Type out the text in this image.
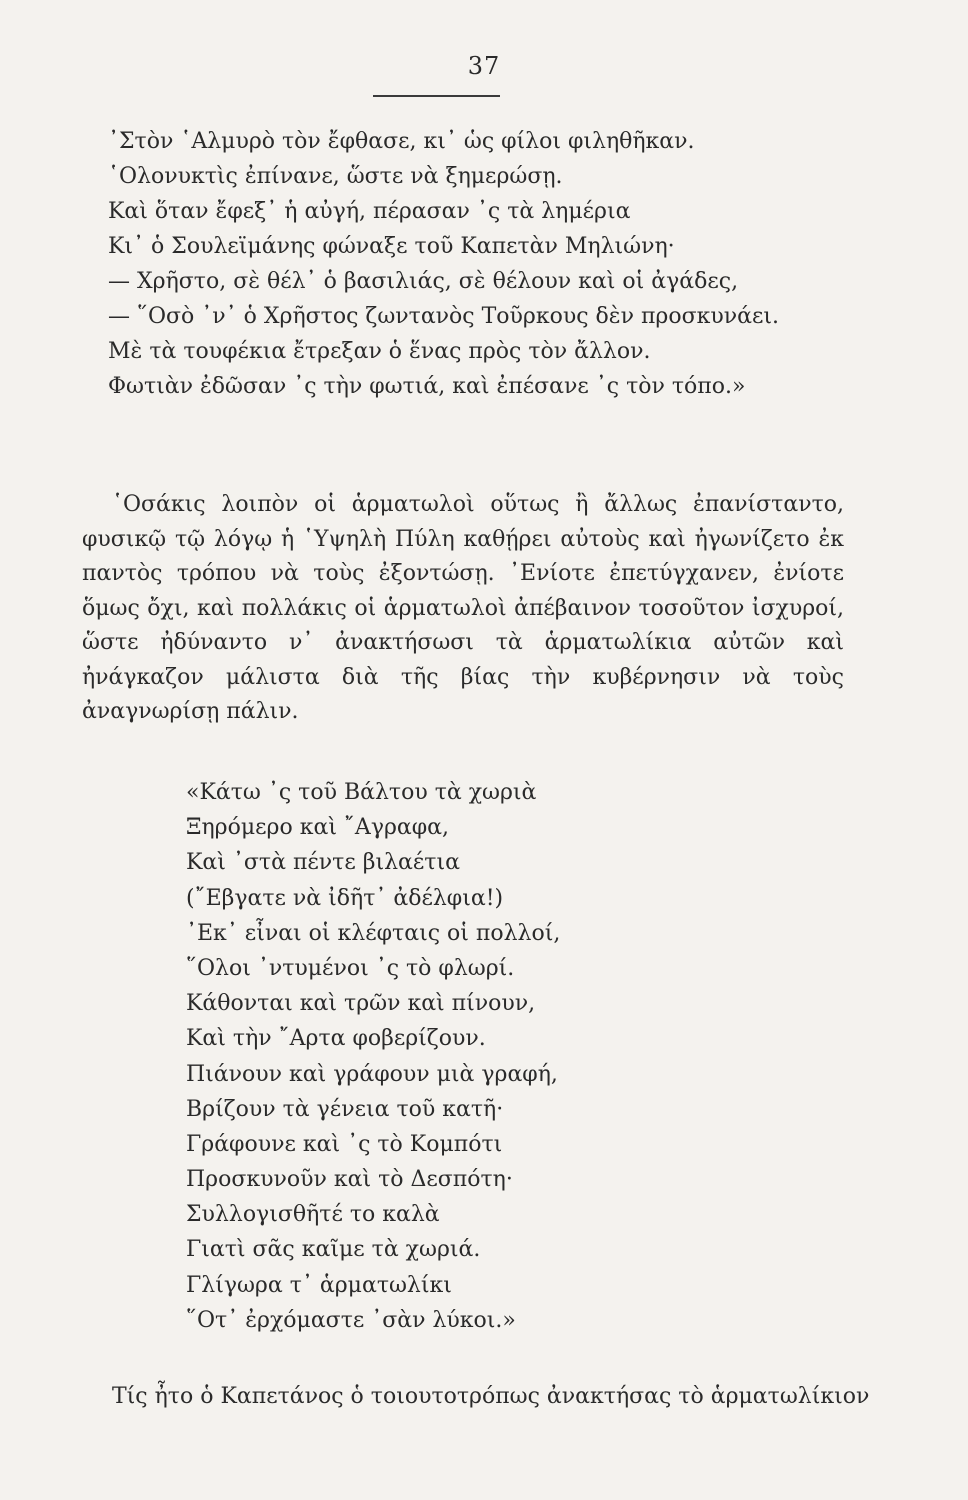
37
᾿Στὸν ῾Αλμυρὸ τὸν ἔφθασε, κι᾿ ὡς φίλοι φιληθῆκαν.
῾Ολονυκτὶς ἐπίνανε, ὥστε νὰ ξημερώσῃ.
Καὶ ὅταν ἔφεξ᾿ ἡ αὐγή, πέρασαν ᾿ς τὰ λημέρια
Κι᾿ ὁ Σουλεϊμάνης φώναξε τοῦ Καπετὰν Μηλιώνη·
— Χρῆστο, σὲ θέλ᾿ ὁ βασιλιάς, σὲ θέλουν καὶ οἱ ἀγάδες,
— ῞Οσὸ ᾿ν᾿ ὁ Χρῆστος ζωντανὸς Τοῦρκους δὲν προσκυνάει.
Μὲ τὰ τουφέκια ἔτρεξαν ὁ ἕνας πρὸς τὸν ἄλλον.
Φωτιὰν ἐδῶσαν ᾿ς τὴν φωτιά, καὶ ἐπέσανε ᾿ς τὸν τόπο.»

῾Οσάκις λοιπὸν οἱ ἁρματωλοὶ οὕτως ἢ ἄλλως ἐπανίσταντο, φυσικῷ τῷ λόγῳ ἡ ῾Υψηλὴ Πύλη καθῄρει αὐτοὺς καὶ ἠγωνίζετο ἐκ παντὸς τρόπου νὰ τοὺς ἐξοντώσῃ. ᾿Ενίοτε ἐπετύγχανεν, ἐνίοτε ὅμως ὄχι, καὶ πολλάκις οἱ ἁρματωλοὶ ἀπέβαινον τοσοῦτον ἰσχυροί, ὥστε ἠδύναντο ν᾿ ἀνακτήσωσι τὰ ἁρματωλίκια αὐτῶν καὶ ἠνάγκαζον μάλιστα διὰ τῆς βίας τὴν κυβέρνησιν νὰ τοὺς ἀναγνωρίσῃ πάλιν.

«Κάτω ᾿ς τοῦ Βάλτου τὰ χωριὰ
Ξηρόμερο καὶ ῎Αγραφα,
Καὶ ᾿στὰ πέντε βιλαέτια
(῎Εβγατε νὰ ἰδῆτ᾿ ἀδέλφια!)
᾿Εκ᾿ εἶναι οἱ κλέφταις οἱ πολλοί,
῞Ολοι ᾿ντυμένοι ᾿ς τὸ φλωρί.
Κάθονται καὶ τρῶν καὶ πίνουν,
Καὶ τὴν ῎Αρτα φοβερίζουν.
Πιάνουν καὶ γράφουν μιὰ γραφή,
Βρίζουν τὰ γένεια τοῦ κατῆ·
Γράφουνε καὶ ᾿ς τὸ Κομπότι
Προσκυνοῦν καὶ τὸ Δεσπότη·
Συλλογισθῆτέ το καλὰ
Γιατὶ σᾶς καῖμε τὰ χωριά.
Γλίγωρα τ᾿ ἁρματωλίκι
῞Οτ᾿ ἐρχόμαστε ᾿σὰν λύκοι.»
Τίς ἦτο ὁ Καπετάνος ὁ τοιουτοτρόπως ἀνακτήσας τὸ ἁρματωλίκιον
